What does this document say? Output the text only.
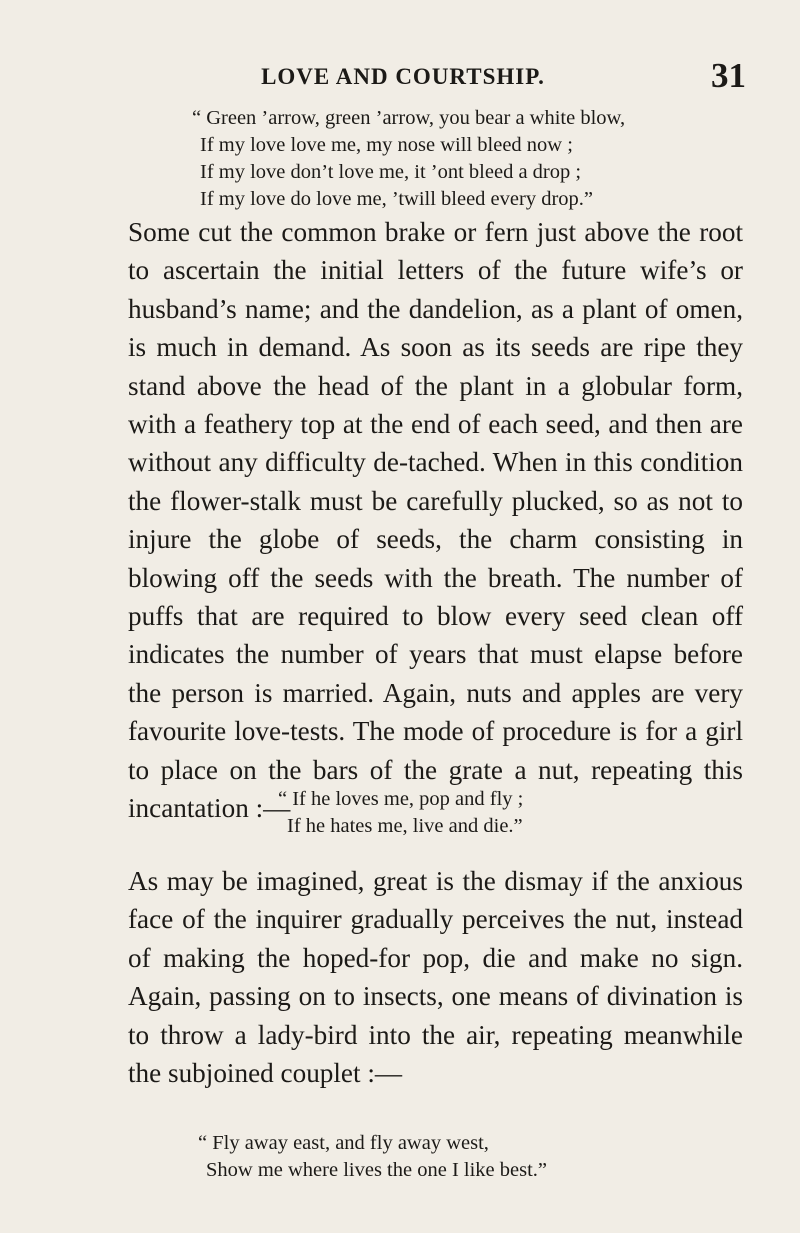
LOVE AND COURTSHIP.	31
“ Green ’arrow, green ’arrow, you bear a white blow,
If my love love me, my nose will bleed now ;
If my love don’t love me, it ’ont bleed a drop ;
If my love do love me, ’twill bleed every drop.”
Some cut the common brake or fern just above the root to ascertain the initial letters of the future wife’s or husband’s name; and the dandelion, as a plant of omen, is much in demand. As soon as its seeds are ripe they stand above the head of the plant in a globular form, with a feathery top at the end of each seed, and then are without any difficulty de-tached. When in this condition the flower-stalk must be carefully plucked, so as not to injure the globe of seeds, the charm consisting in blowing off the seeds with the breath. The number of puffs that are required to blow every seed clean off indicates the number of years that must elapse before the person is married. Again, nuts and apples are very favourite love-tests. The mode of procedure is for a girl to place on the bars of the grate a nut, repeating this incantation :—
“ If he loves me, pop and fly ;
If he hates me, live and die.”
As may be imagined, great is the dismay if the anxious face of the inquirer gradually perceives the nut, instead of making the hoped-for pop, die and make no sign. Again, passing on to insects, one means of divination is to throw a lady-bird into the air, repeating meanwhile the subjoined couplet :—
“ Fly away east, and fly away west,
Show me where lives the one I like best.”
